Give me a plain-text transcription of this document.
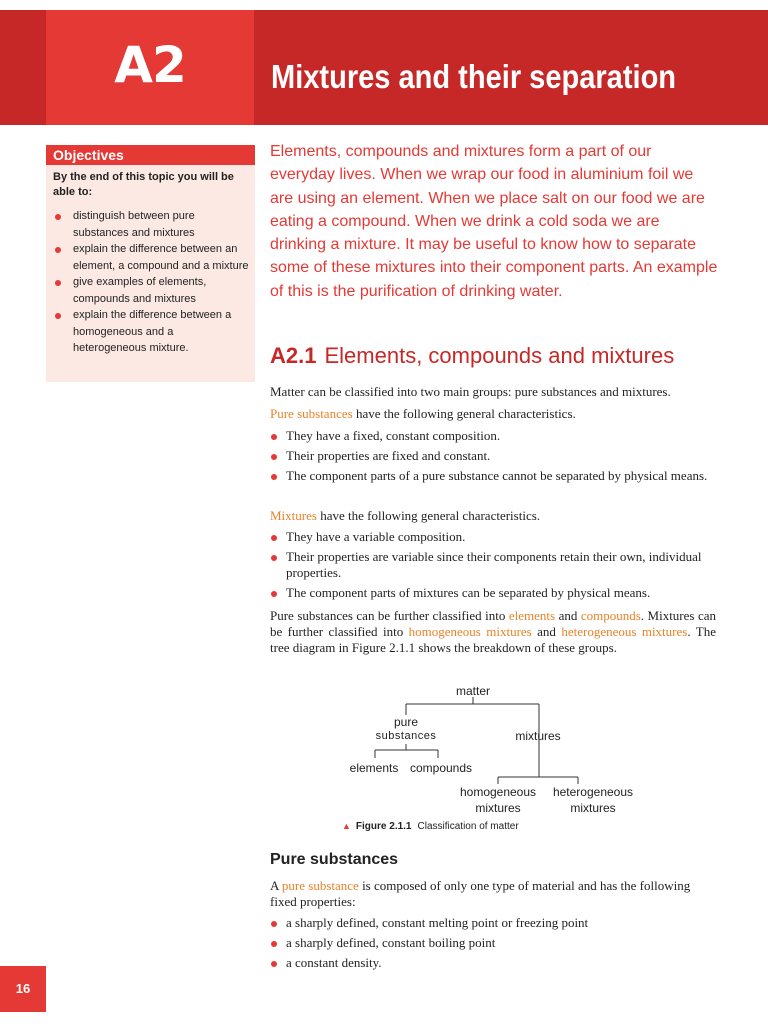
A2	Mixtures and their separation
Objectives
By the end of this topic you will be able to:
distinguish between pure substances and mixtures
explain the difference between an element, a compound and a mixture
give examples of elements, compounds and mixtures
explain the difference between a homogeneous and a heterogeneous mixture.
Elements, compounds and mixtures form a part of our everyday lives. When we wrap our food in aluminium foil we are using an element. When we place salt on our food we are eating a compound. When we drink a cold soda we are drinking a mixture. It may be useful to know how to separate some of these mixtures into their component parts. An example of this is the purification of drinking water.
A2.1 Elements, compounds and mixtures
Matter can be classified into two main groups: pure substances and mixtures.
Pure substances have the following general characteristics.
They have a fixed, constant composition.
Their properties are fixed and constant.
The component parts of a pure substance cannot be separated by physical means.
Mixtures have the following general characteristics.
They have a variable composition.
Their properties are variable since their components retain their own, individual properties.
The component parts of mixtures can be separated by physical means.
Pure substances can be further classified into elements and compounds. Mixtures can be further classified into homogeneous mixtures and heterogeneous mixtures. The tree diagram in Figure 2.1.1 shows the breakdown of these groups.
matter
pure
substances	mixtures
elements compounds
homogeneous
mixtures
heterogeneous
mixtures
▲ Figure 2.1.1 Classification of matter
Pure substances
A pure substance is composed of only one type of material and has the following fixed properties:
a sharply defined, constant melting point or freezing point
a sharply defined, constant boiling point
a constant density.
16
